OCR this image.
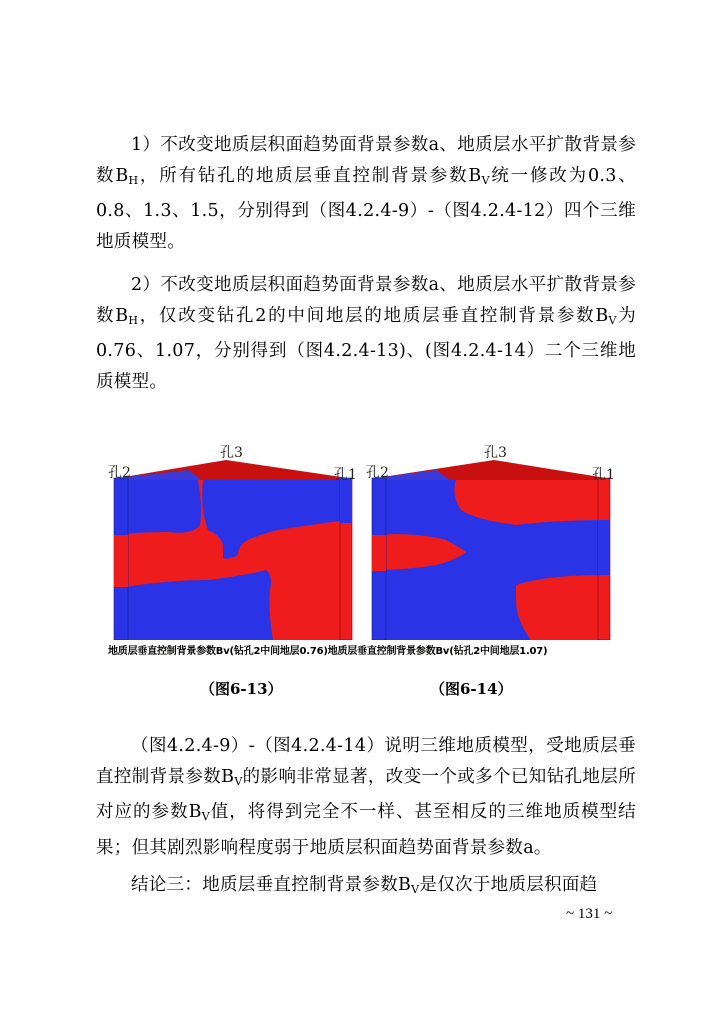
1）不改变地质层积面趋势面背景参数a、地质层水平扩散背景参数$B_H$，所有钻孔的地质层垂直控制背景参数$B_V$统一修改为0.3、0.8、1.3、1.5，分别得到（图4.2.4-9）-（图4.2.4-12）四个三维地质模型。

2）不改变地质层积面趋势面背景参数a、地质层水平扩散背景参数$B_H$，仅改变钻孔2的中间地层的地质层垂直控制背景参数$B_V$为0.76、1.07，分别得到（图4.2.4-13)、(图4.2.4-14）二个三维地质模型。

孔2
孔3
孔1 孔2
孔3
孔1
地质层垂直控制背景参数Bv(钻孔2中间地层0.76)地质层垂直控制背景参数Bv(钻孔2中间地层1.07)
（图6-13）	（图6-14）

（图4.2.4-9）-（图4.2.4-14）说明三维地质模型，受地质层垂直控制背景参数$B_V$的影响非常显著，改变一个或多个已知钻孔地层所对应的参数$B_V$值，将得到完全不一样、甚至相反的三维地质模型结果；但其剧烈影响程度弱于地质层积面趋势面背景参数a。

结论三：地质层垂直控制背景参数$B_V$是仅次于地质层积面趋

~ 131 ~
